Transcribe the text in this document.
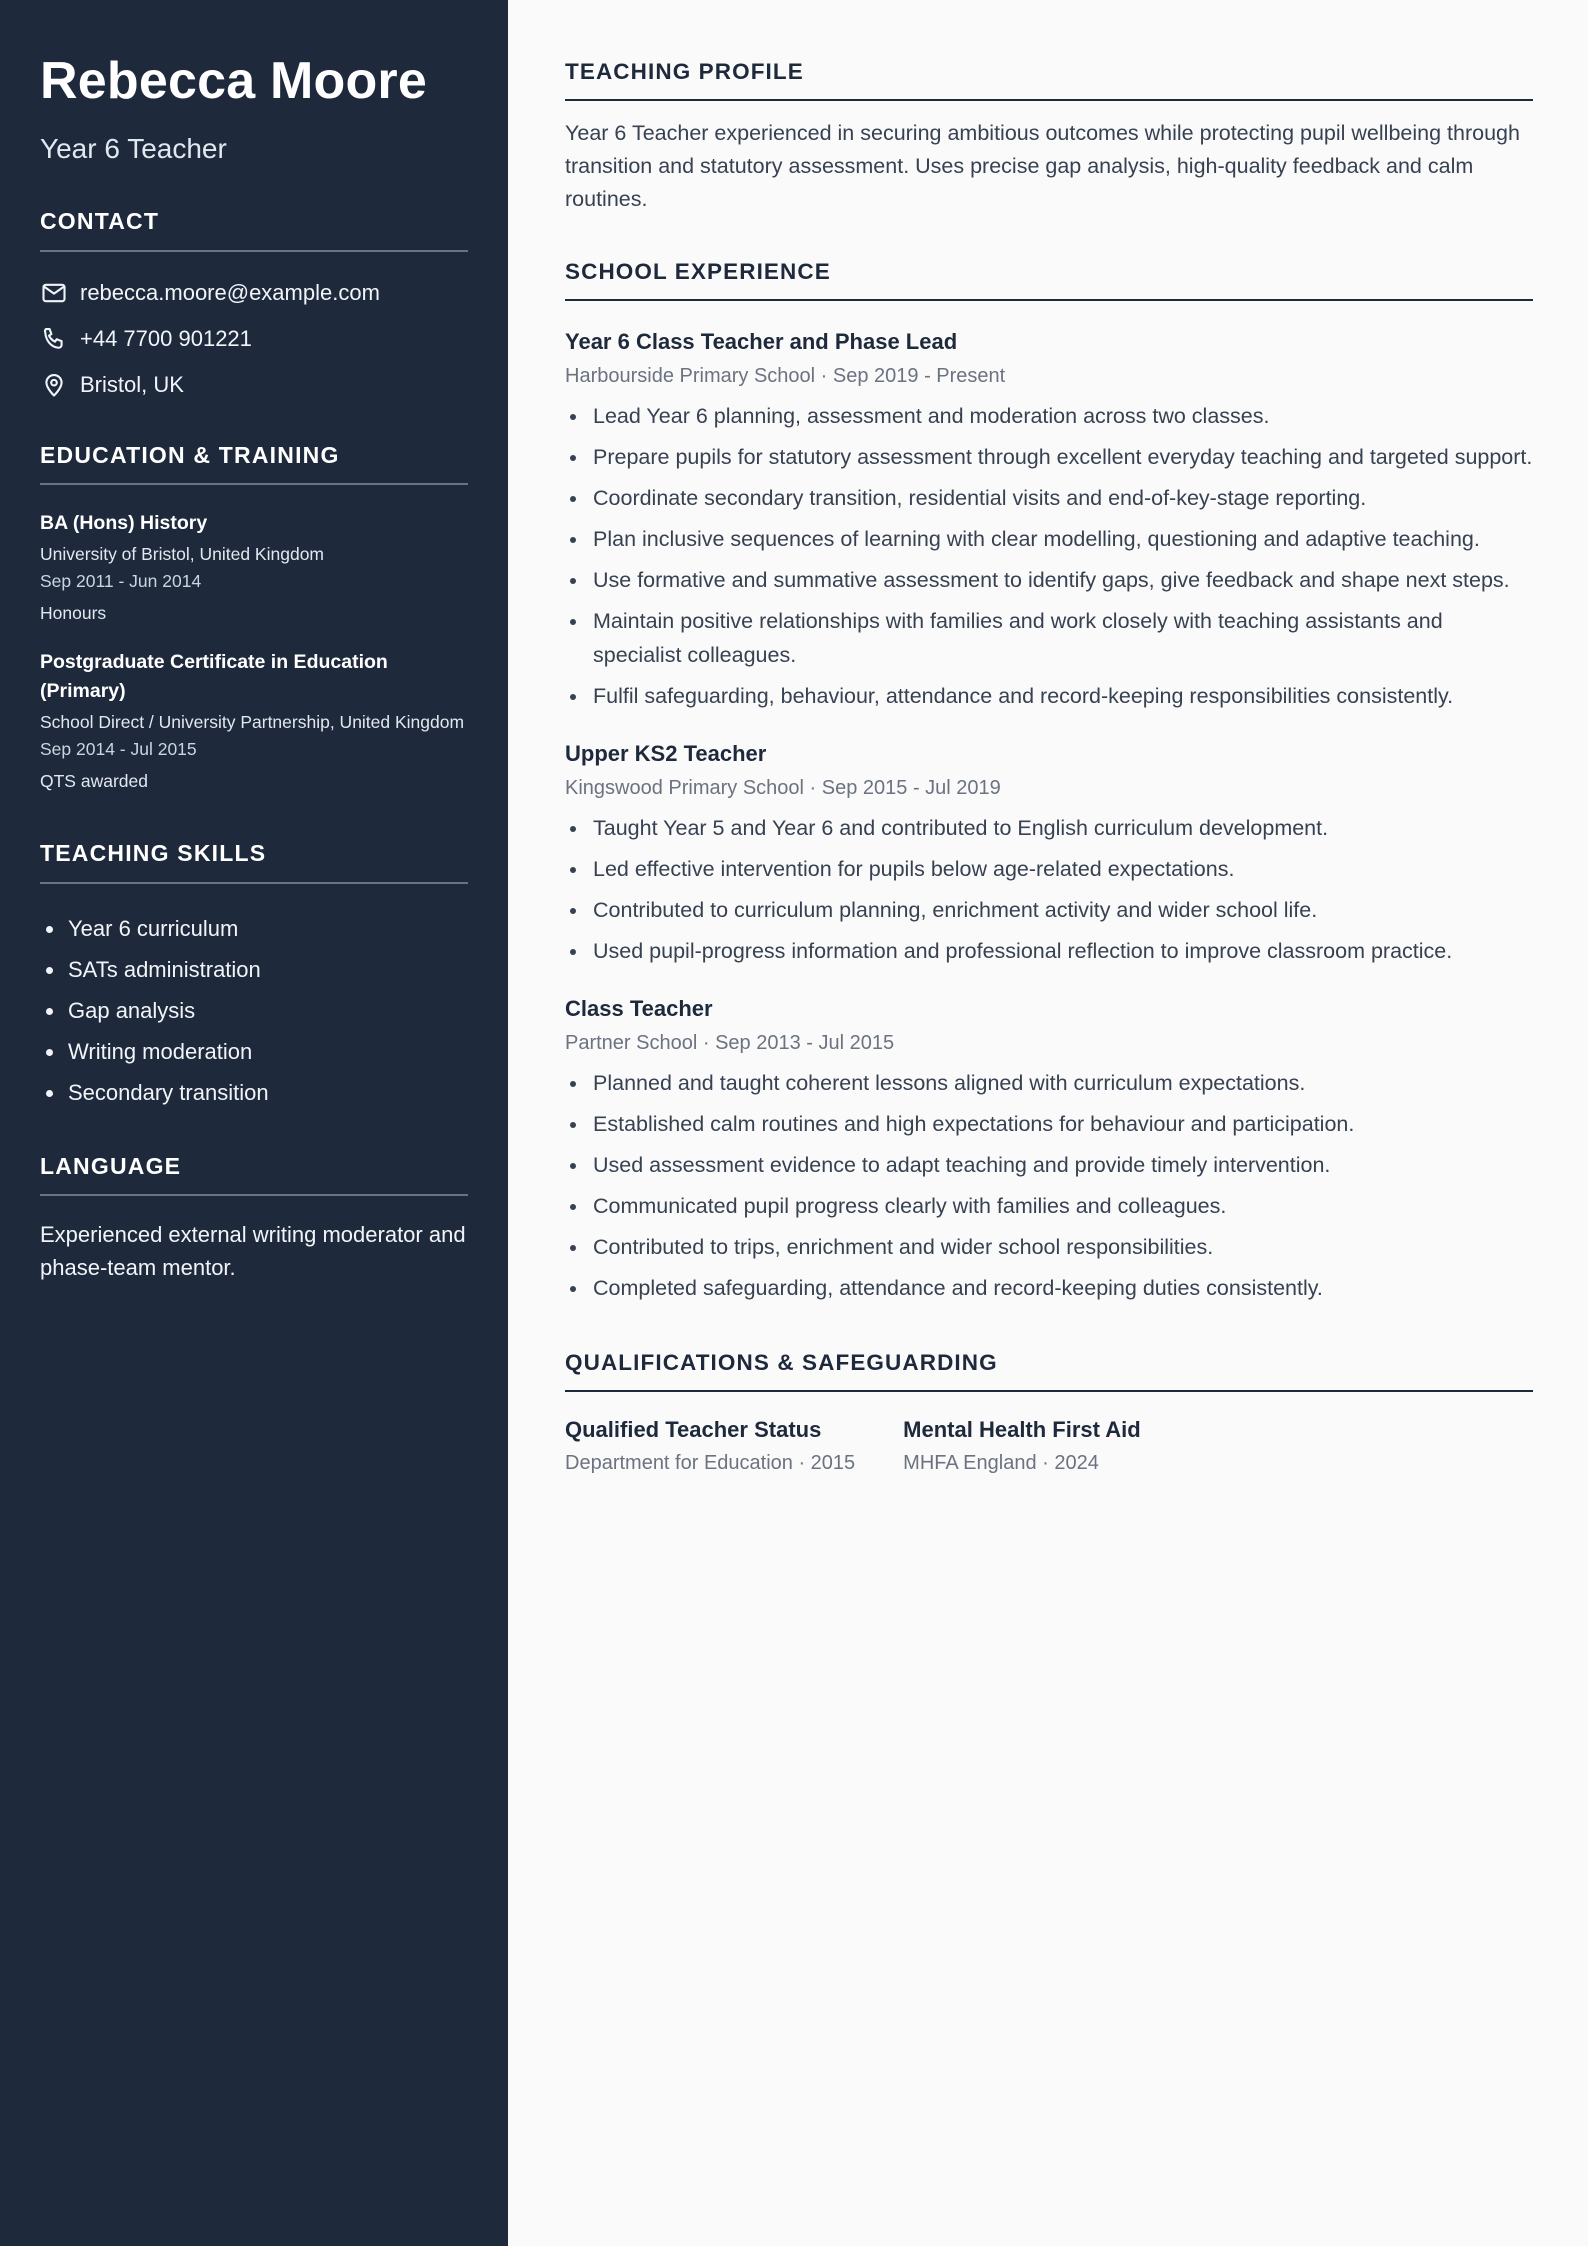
Rebecca Moore
Year 6 Teacher
CONTACT
rebecca.moore@example.com
+44 7700 901221
Bristol, UK
EDUCATION & TRAINING
BA (Hons) History
University of Bristol, United Kingdom
Sep 2011 - Jun 2014
Honours
Postgraduate Certificate in Education (Primary)
School Direct / University Partnership, United Kingdom
Sep 2014 - Jul 2015
QTS awarded
TEACHING SKILLS
Year 6 curriculum
SATs administration
Gap analysis
Writing moderation
Secondary transition
LANGUAGE
Experienced external writing moderator and phase-team mentor.
TEACHING PROFILE

Year 6 Teacher experienced in securing ambitious outcomes while protecting pupil wellbeing through transition and statutory assessment. Uses precise gap analysis, high-quality feedback and calm routines.

SCHOOL EXPERIENCE
Year 6 Class Teacher and Phase Lead
Harbourside Primary School · Sep 2019 - Present
Lead Year 6 planning, assessment and moderation across two classes.
Prepare pupils for statutory assessment through excellent everyday teaching and targeted support.
Coordinate secondary transition, residential visits and end-of-key-stage reporting.
Plan inclusive sequences of learning with clear modelling, questioning and adaptive teaching.
Use formative and summative assessment to identify gaps, give feedback and shape next steps.
Maintain positive relationships with families and work closely with teaching assistants and specialist colleagues.
Fulfil safeguarding, behaviour, attendance and record-keeping responsibilities consistently.
Upper KS2 Teacher
Kingswood Primary School · Sep 2015 - Jul 2019
Taught Year 5 and Year 6 and contributed to English curriculum development.
Led effective intervention for pupils below age-related expectations.
Contributed to curriculum planning, enrichment activity and wider school life.
Used pupil-progress information and professional reflection to improve classroom practice.
Class Teacher
Partner School · Sep 2013 - Jul 2015
Planned and taught coherent lessons aligned with curriculum expectations.
Established calm routines and high expectations for behaviour and participation.
Used assessment evidence to adapt teaching and provide timely intervention.
Communicated pupil progress clearly with families and colleagues.
Contributed to trips, enrichment and wider school responsibilities.
Completed safeguarding, attendance and record-keeping duties consistently.
QUALIFICATIONS & SAFEGUARDING
Qualified Teacher Status
Department for Education · 2015
Mental Health First Aid
MHFA England · 2024
